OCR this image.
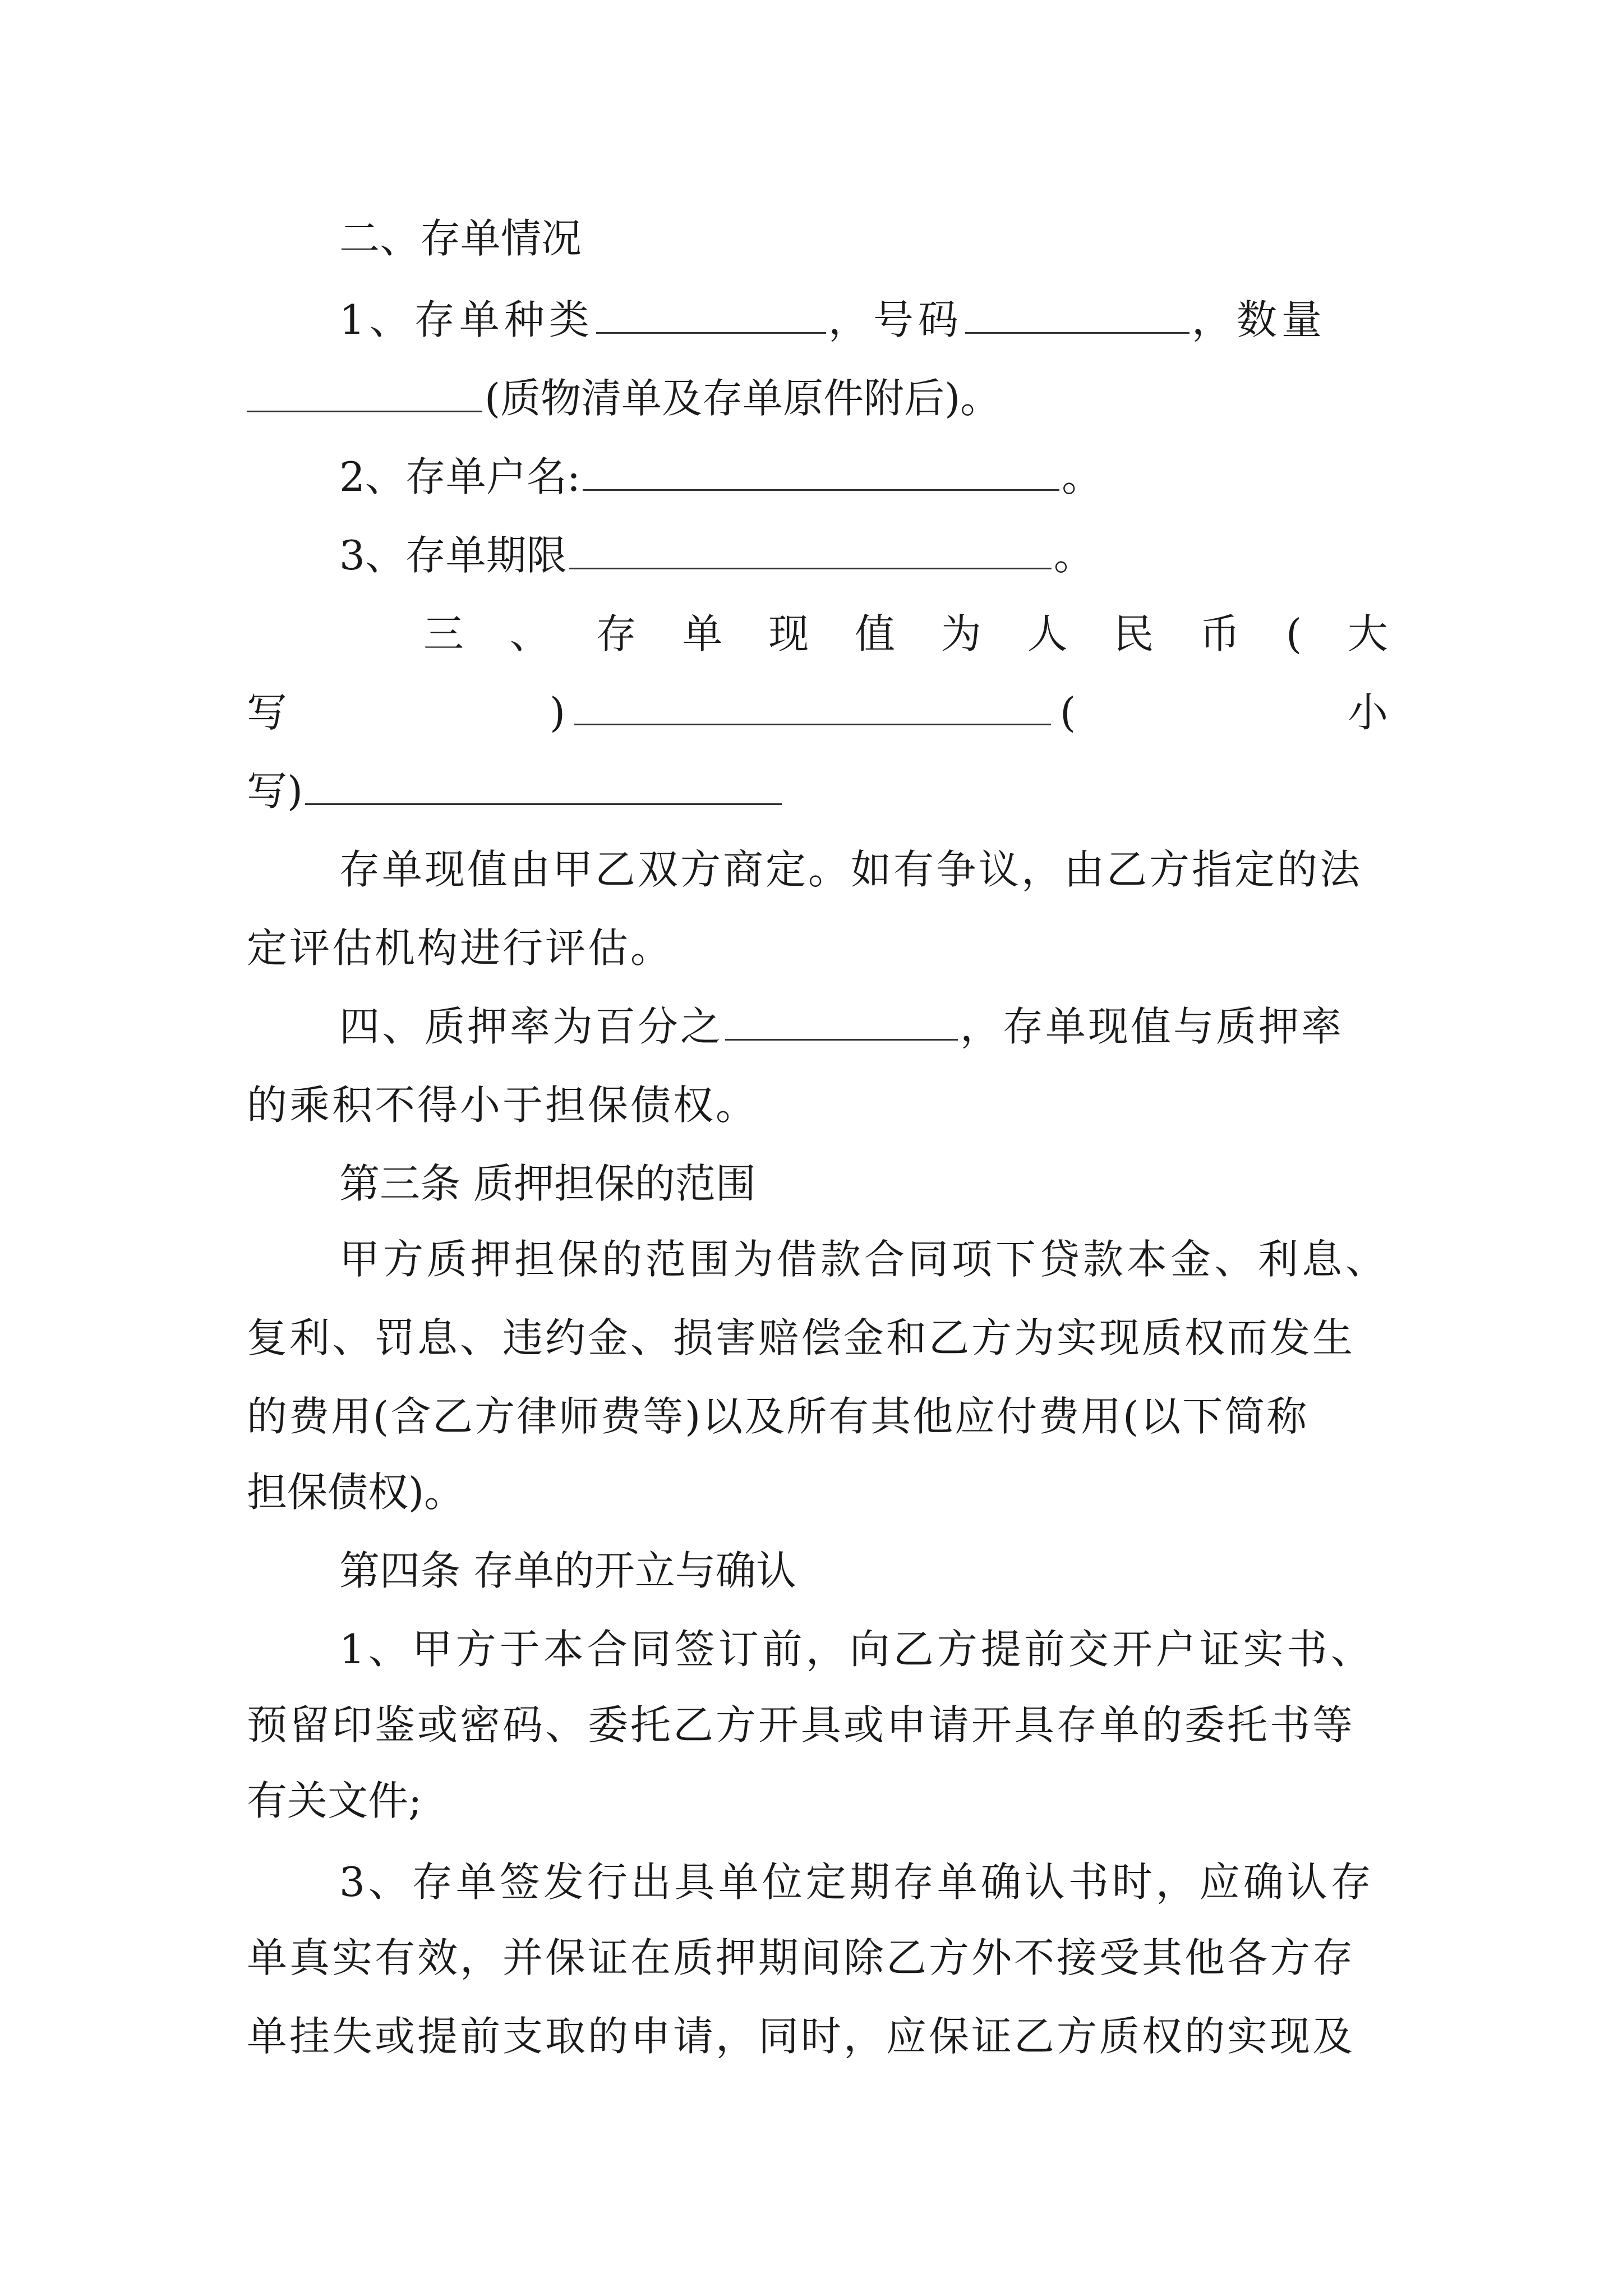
二、存单情况
1、存单种类	，号码	，数量
(质物清单及存单原件附后)。
2、存单户名:	。
3、存单期限	。
三 、 存 单 现 值 为 人 民 币 ( 大
写	)	(	小
写)
存单现值由甲乙双方商定。如有争议，由乙方指定的法
定评估机构进行评估。
四、质押率为百分之	，存单现值与质押率
的乘积不得小于担保债权。
第三条 质押担保的范围
甲方质押担保的范围为借款合同项下贷款本金、利息、
复利、罚息、违约金、损害赔偿金和乙方为实现质权而发生
的费用(含乙方律师费等)以及所有其他应付费用(以下简称
担保债权)。
第四条 存单的开立与确认
1、甲方于本合同签订前，向乙方提前交开户证实书、
预留印鉴或密码、委托乙方开具或申请开具存单的委托书等
有关文件;
3、存单签发行出具单位定期存单确认书时，应确认存
单真实有效，并保证在质押期间除乙方外不接受其他各方存
单挂失或提前支取的申请，同时，应保证乙方质权的实现及
